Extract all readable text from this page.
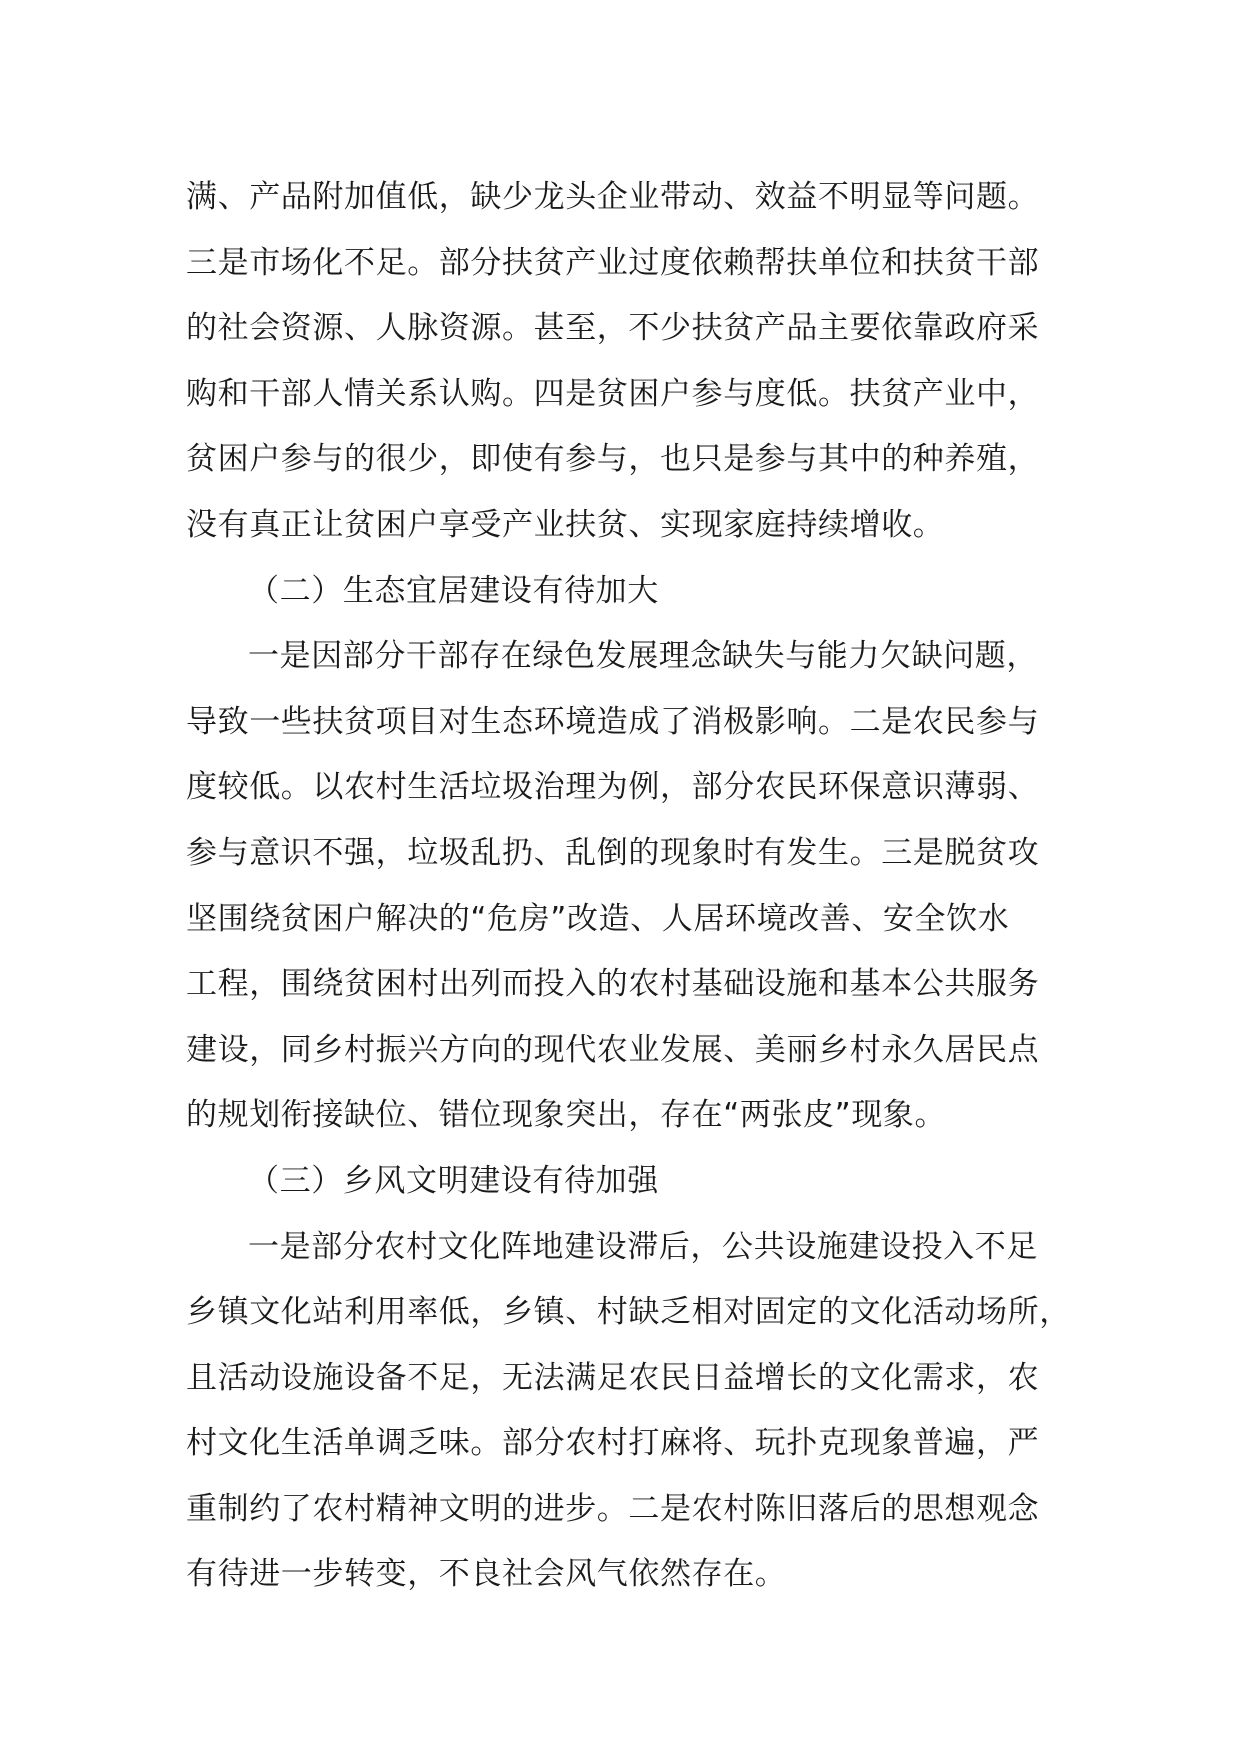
满、产品附加值低，缺少龙头企业带动、效益不明显等问题。
三是市场化不足。部分扶贫产业过度依赖帮扶单位和扶贫干部
的社会资源、人脉资源。甚至，不少扶贫产品主要依靠政府采
购和干部人情关系认购。四是贫困户参与度低。扶贫产业中，
贫困户参与的很少，即使有参与，也只是参与其中的种养殖，
没有真正让贫困户享受产业扶贫、实现家庭持续增收。
（二）生态宜居建设有待加大
一是因部分干部存在绿色发展理念缺失与能力欠缺问题，
导致一些扶贫项目对生态环境造成了消极影响。二是农民参与
度较低。以农村生活垃圾治理为例，部分农民环保意识薄弱、
参与意识不强，垃圾乱扔、乱倒的现象时有发生。三是脱贫攻
坚围绕贫困户解决的“危房”改造、人居环境改善、安全饮水
工程，围绕贫困村出列而投入的农村基础设施和基本公共服务
建设，同乡村振兴方向的现代农业发展、美丽乡村永久居民点
的规划衔接缺位、错位现象突出，存在“两张皮”现象。
（三）乡风文明建设有待加强
一是部分农村文化阵地建设滞后，公共设施建设投入不足
乡镇文化站利用率低，乡镇、村缺乏相对固定的文化活动场所，
且活动设施设备不足，无法满足农民日益增长的文化需求，农
村文化生活单调乏味。部分农村打麻将、玩扑克现象普遍，严
重制约了农村精神文明的进步。二是农村陈旧落后的思想观念
有待进一步转变，不良社会风气依然存在。
